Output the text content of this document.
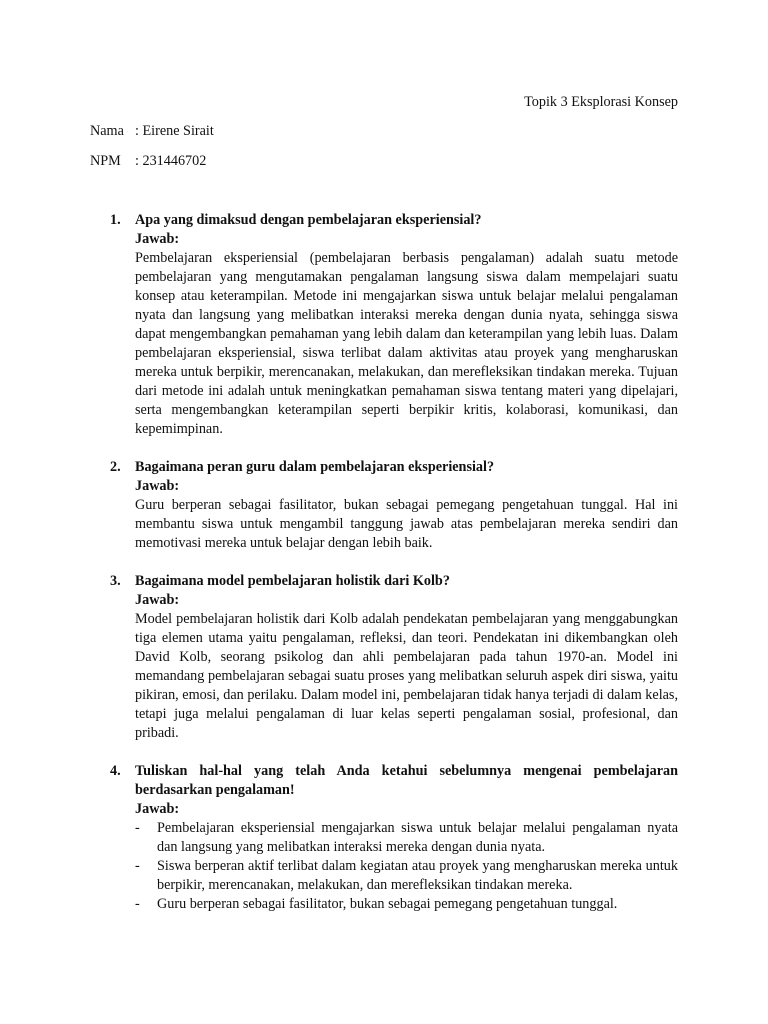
Topik 3 Eksplorasi Konsep
Nama : Eirene Sirait
NPM : 231446702
1. Apa yang dimaksud dengan pembelajaran eksperiensial?
Jawab:
Pembelajaran eksperiensial (pembelajaran berbasis pengalaman) adalah suatu metode pembelajaran yang mengutamakan pengalaman langsung siswa dalam mempelajari suatu konsep atau keterampilan. Metode ini mengajarkan siswa untuk belajar melalui pengalaman nyata dan langsung yang melibatkan interaksi mereka dengan dunia nyata, sehingga siswa dapat mengembangkan pemahaman yang lebih dalam dan keterampilan yang lebih luas. Dalam pembelajaran eksperiensial, siswa terlibat dalam aktivitas atau proyek yang mengharuskan mereka untuk berpikir, merencanakan, melakukan, dan merefleksikan tindakan mereka. Tujuan dari metode ini adalah untuk meningkatkan pemahaman siswa tentang materi yang dipelajari, serta mengembangkan keterampilan seperti berpikir kritis, kolaborasi, komunikasi, dan kepemimpinan.
2. Bagaimana peran guru dalam pembelajaran eksperiensial?
Jawab:
Guru berperan sebagai fasilitator, bukan sebagai pemegang pengetahuan tunggal. Hal ini membantu siswa untuk mengambil tanggung jawab atas pembelajaran mereka sendiri dan memotivasi mereka untuk belajar dengan lebih baik.
3. Bagaimana model pembelajaran holistik dari Kolb?
Jawab:
Model pembelajaran holistik dari Kolb adalah pendekatan pembelajaran yang menggabungkan tiga elemen utama yaitu pengalaman, refleksi, dan teori. Pendekatan ini dikembangkan oleh David Kolb, seorang psikolog dan ahli pembelajaran pada tahun 1970-an. Model ini memandang pembelajaran sebagai suatu proses yang melibatkan seluruh aspek diri siswa, yaitu pikiran, emosi, dan perilaku. Dalam model ini, pembelajaran tidak hanya terjadi di dalam kelas, tetapi juga melalui pengalaman di luar kelas seperti pengalaman sosial, profesional, dan pribadi.
4. Tuliskan hal-hal yang telah Anda ketahui sebelumnya mengenai pembelajaran berdasarkan pengalaman!
Jawab:
- Pembelajaran eksperiensial mengajarkan siswa untuk belajar melalui pengalaman nyata dan langsung yang melibatkan interaksi mereka dengan dunia nyata.
- Siswa berperan aktif terlibat dalam kegiatan atau proyek yang mengharuskan mereka untuk berpikir, merencanakan, melakukan, dan merefleksikan tindakan mereka.
- Guru berperan sebagai fasilitator, bukan sebagai pemegang pengetahuan tunggal.
